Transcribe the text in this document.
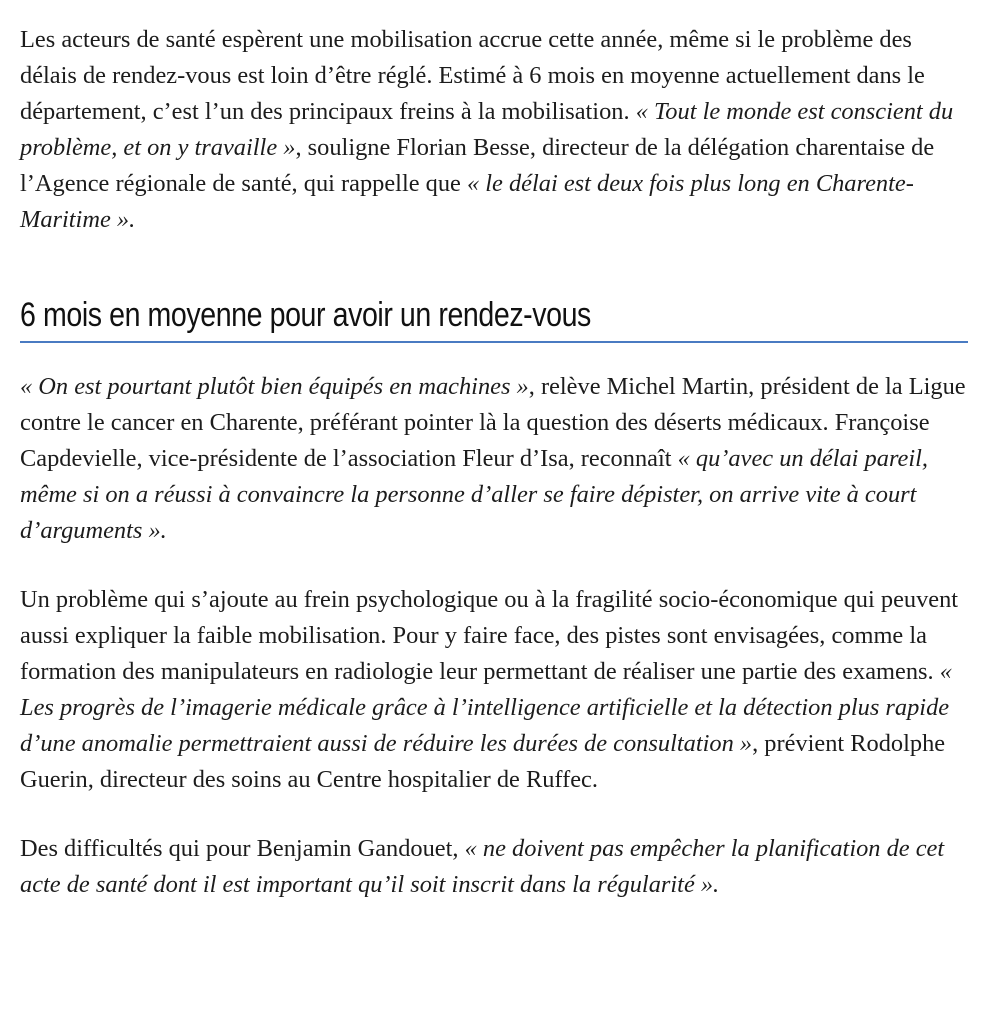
Les acteurs de santé espèrent une mobilisation accrue cette année, même si le problème des délais de rendez-vous est loin d’être réglé. Estimé à 6 mois en moyenne actuellement dans le département, c’est l’un des principaux freins à la mobilisation. « Tout le monde est conscient du problème, et on y travaille », souligne Florian Besse, directeur de la délégation charentaise de l’Agence régionale de santé, qui rappelle que « le délai est deux fois plus long en Charente-Maritime ».

6 mois en moyenne pour avoir un rendez-vous

« On est pourtant plutôt bien équipés en machines », relève Michel Martin, président de la Ligue contre le cancer en Charente, préférant pointer là la question des déserts médicaux. Françoise Capdevielle, vice-présidente de l’association Fleur d’Isa, reconnaît « qu’avec un délai pareil, même si on a réussi à convaincre la personne d’aller se faire dépister, on arrive vite à court d’arguments ».

Un problème qui s’ajoute au frein psychologique ou à la fragilité socio-économique qui peuvent aussi expliquer la faible mobilisation. Pour y faire face, des pistes sont envisagées, comme la formation des manipulateurs en radiologie leur permettant de réaliser une partie des examens. « Les progrès de l’imagerie médicale grâce à l’intelligence artificielle et la détection plus rapide d’une anomalie permettraient aussi de réduire les durées de consultation », prévient Rodolphe Guerin, directeur des soins au Centre hospitalier de Ruffec.

Des difficultés qui pour Benjamin Gandouet, « ne doivent pas empêcher la planification de cet acte de santé dont il est important qu’il soit inscrit dans la régularité ».
